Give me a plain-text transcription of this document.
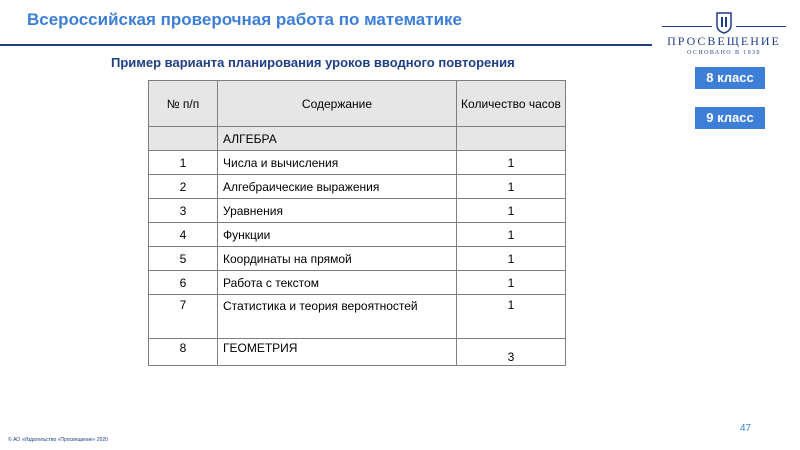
Всероссийская проверочная работа по математике
ПРОСВЕЩЕНИЕ
ОСНОВАНО В 1930
Пример варианта планирования уроков вводного повторения
8 класс
9 класс
№ п/п	Содержание	Количество часов
	АЛГЕБРА	
1	Числа и вычисления	1
2	Алгебраические выражения	1
3	Уравнения	1
4	Функции	1
5	Координаты на прямой	1
6	Работа с текстом	1
7	Статистика и теория вероятностей	1
8	ГЕОМЕТРИЯ	3
47
© АО «Издательство «Просвещение» 2020
